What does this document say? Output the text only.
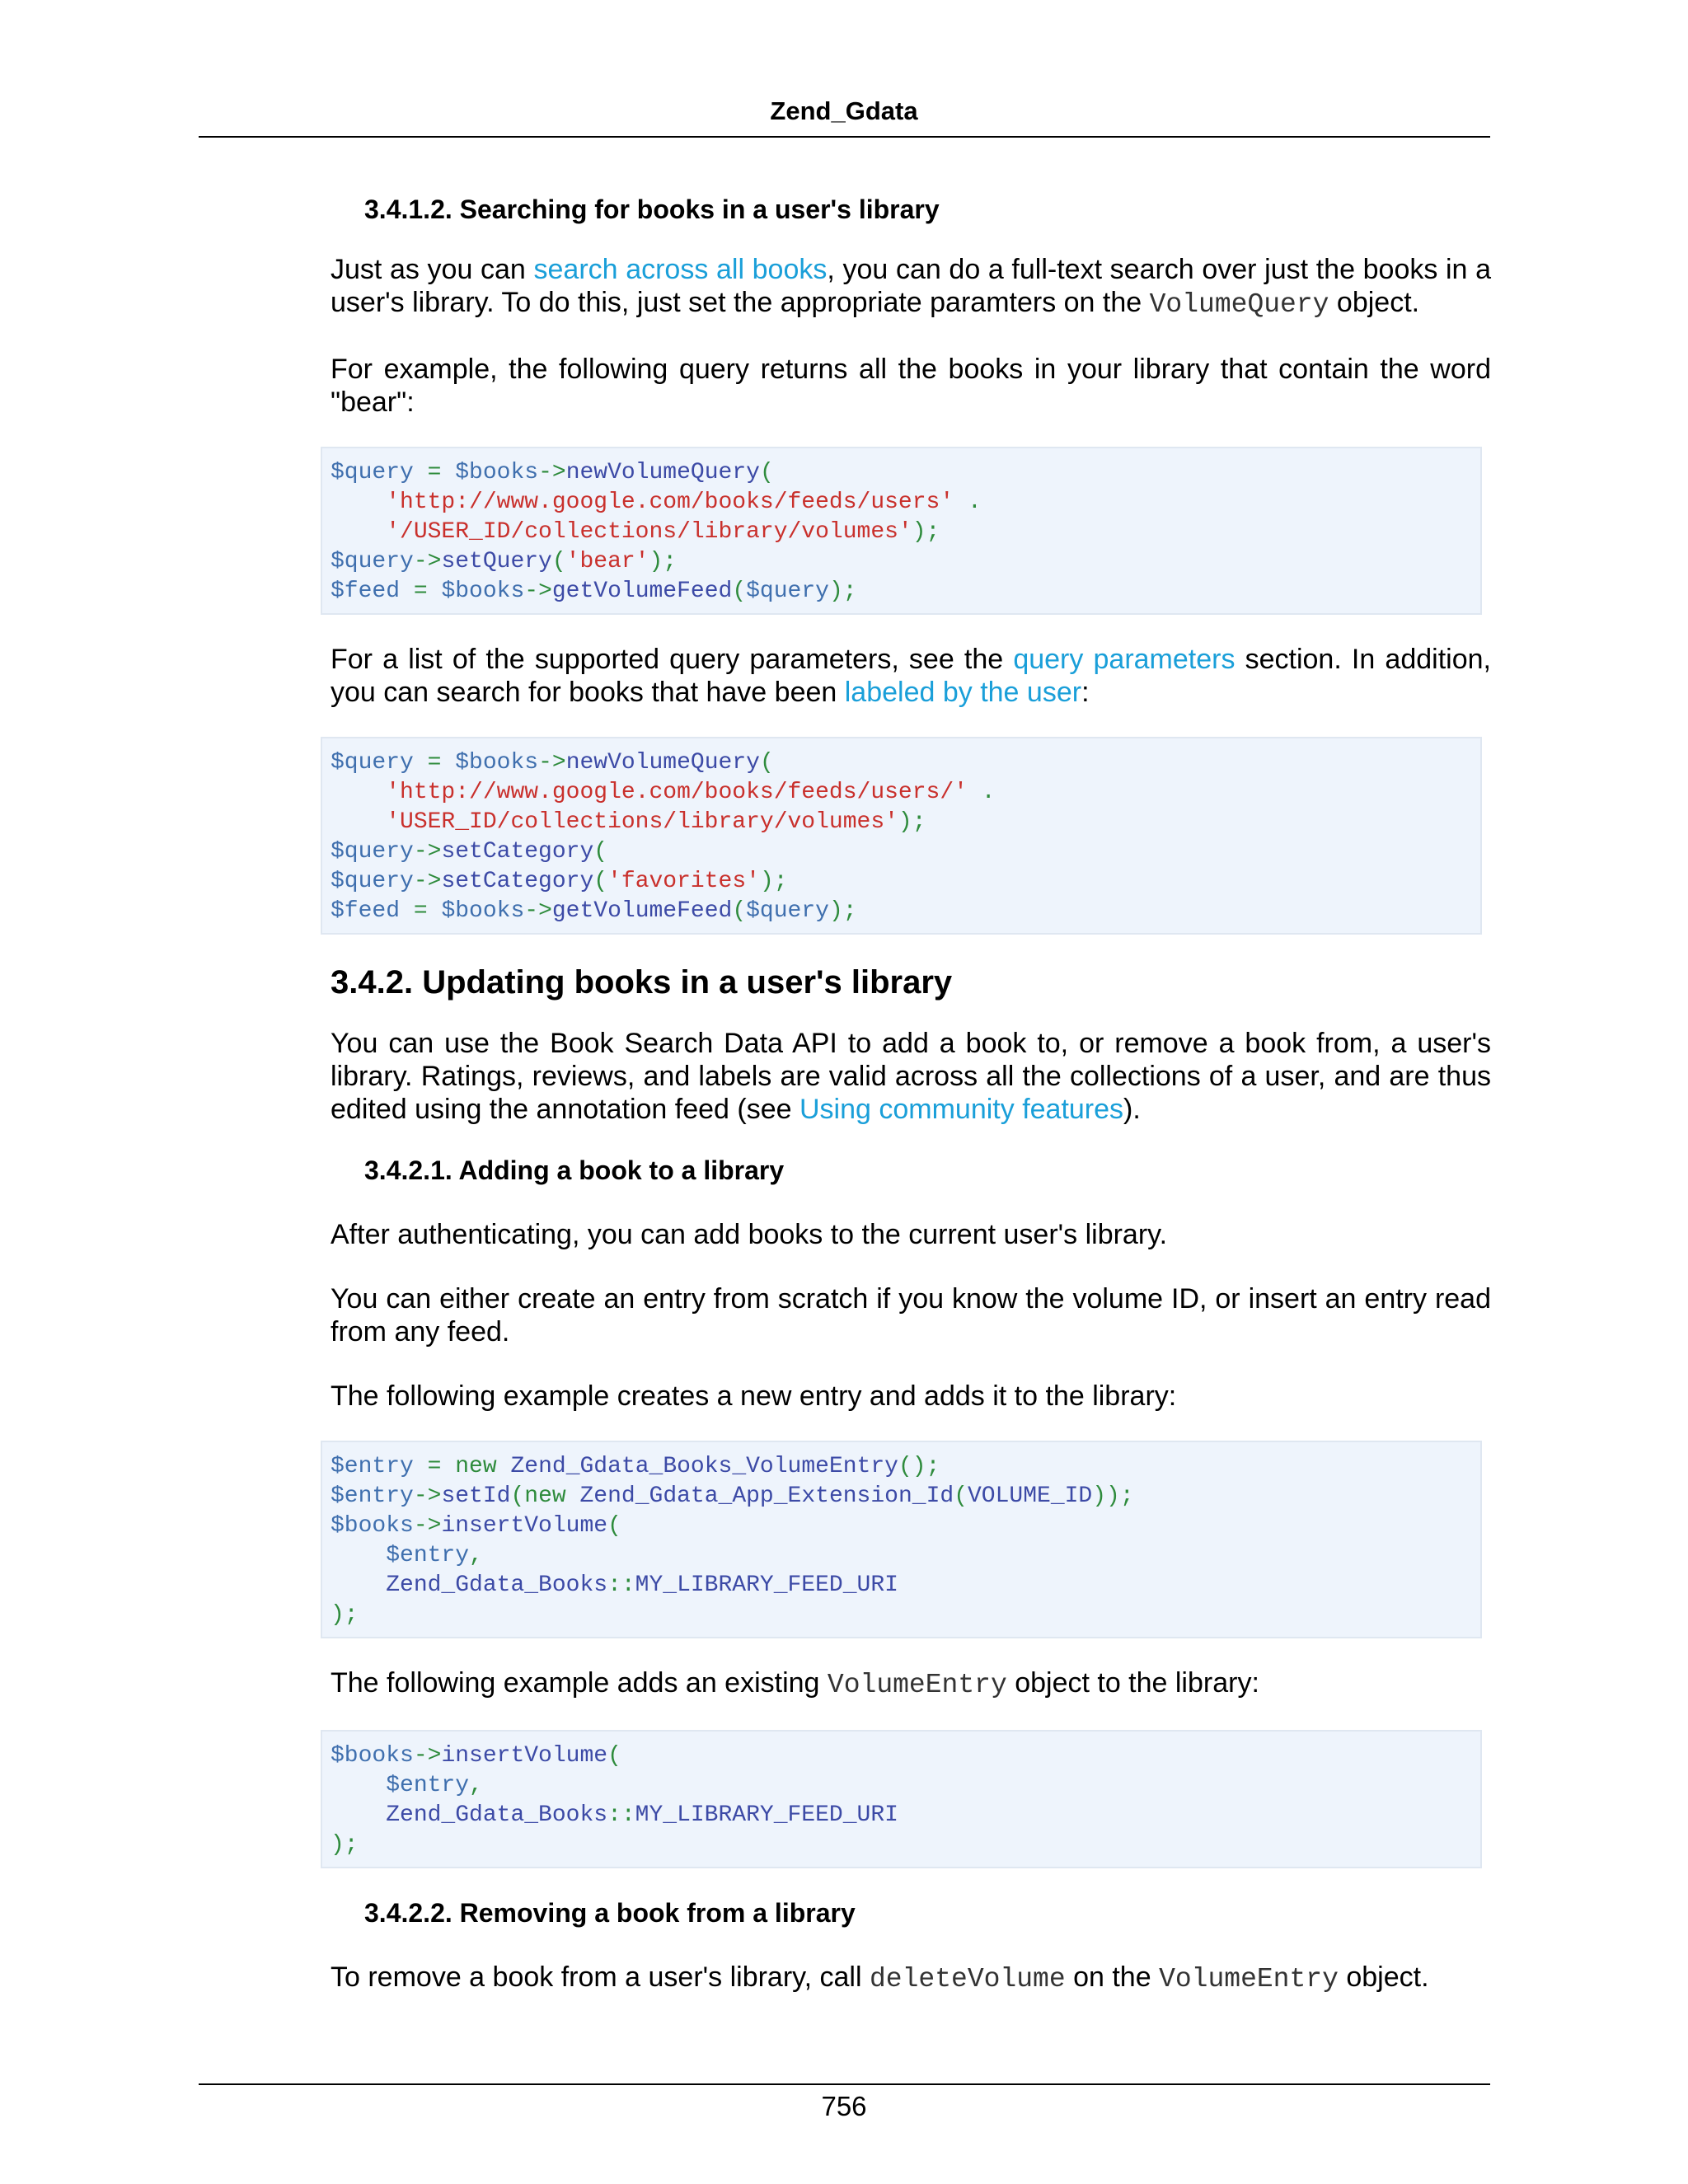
Zend_Gdata
3.4.1.2. Searching for books in a user's library

Just as you can search across all books, you can do a full-text search over just the books in a user's library. To do this, just set the appropriate paramters on the VolumeQuery object.

For example, the following query returns all the books in your library that contain the word "bear":

$query = $books->newVolumeQuery(
'http://www.google.com/books/feeds/users' .
'/USER_ID/collections/library/volumes');
$query->setQuery('bear');
$feed = $books->getVolumeFeed($query);

For a list of the supported query parameters, see the query parameters section. In addition, you can search for books that have been labeled by the user:

$query = $books->newVolumeQuery(
'http://www.google.com/books/feeds/users/' .
'USER_ID/collections/library/volumes');
$query->setCategory(
$query->setCategory('favorites');
$feed = $books->getVolumeFeed($query);
3.4.2. Updating books in a user's library

You can use the Book Search Data API to add a book to, or remove a book from, a user's library. Ratings, reviews, and labels are valid across all the collections of a user, and are thus edited using the annotation feed (see Using community features).

3.4.2.1. Adding a book to a library

After authenticating, you can add books to the current user's library.

You can either create an entry from scratch if you know the volume ID, or insert an entry read from any feed.

The following example creates a new entry and adds it to the library:

$entry = new Zend_Gdata_Books_VolumeEntry();
$entry->setId(new Zend_Gdata_App_Extension_Id(VOLUME_ID));
$books->insertVolume(
$entry,
Zend_Gdata_Books::MY_LIBRARY_FEED_URI
);

The following example adds an existing VolumeEntry object to the library:

$books->insertVolume(
$entry,
Zend_Gdata_Books::MY_LIBRARY_FEED_URI
);
3.4.2.2. Removing a book from a library

To remove a book from a user's library, call deleteVolume on the VolumeEntry object.

756
